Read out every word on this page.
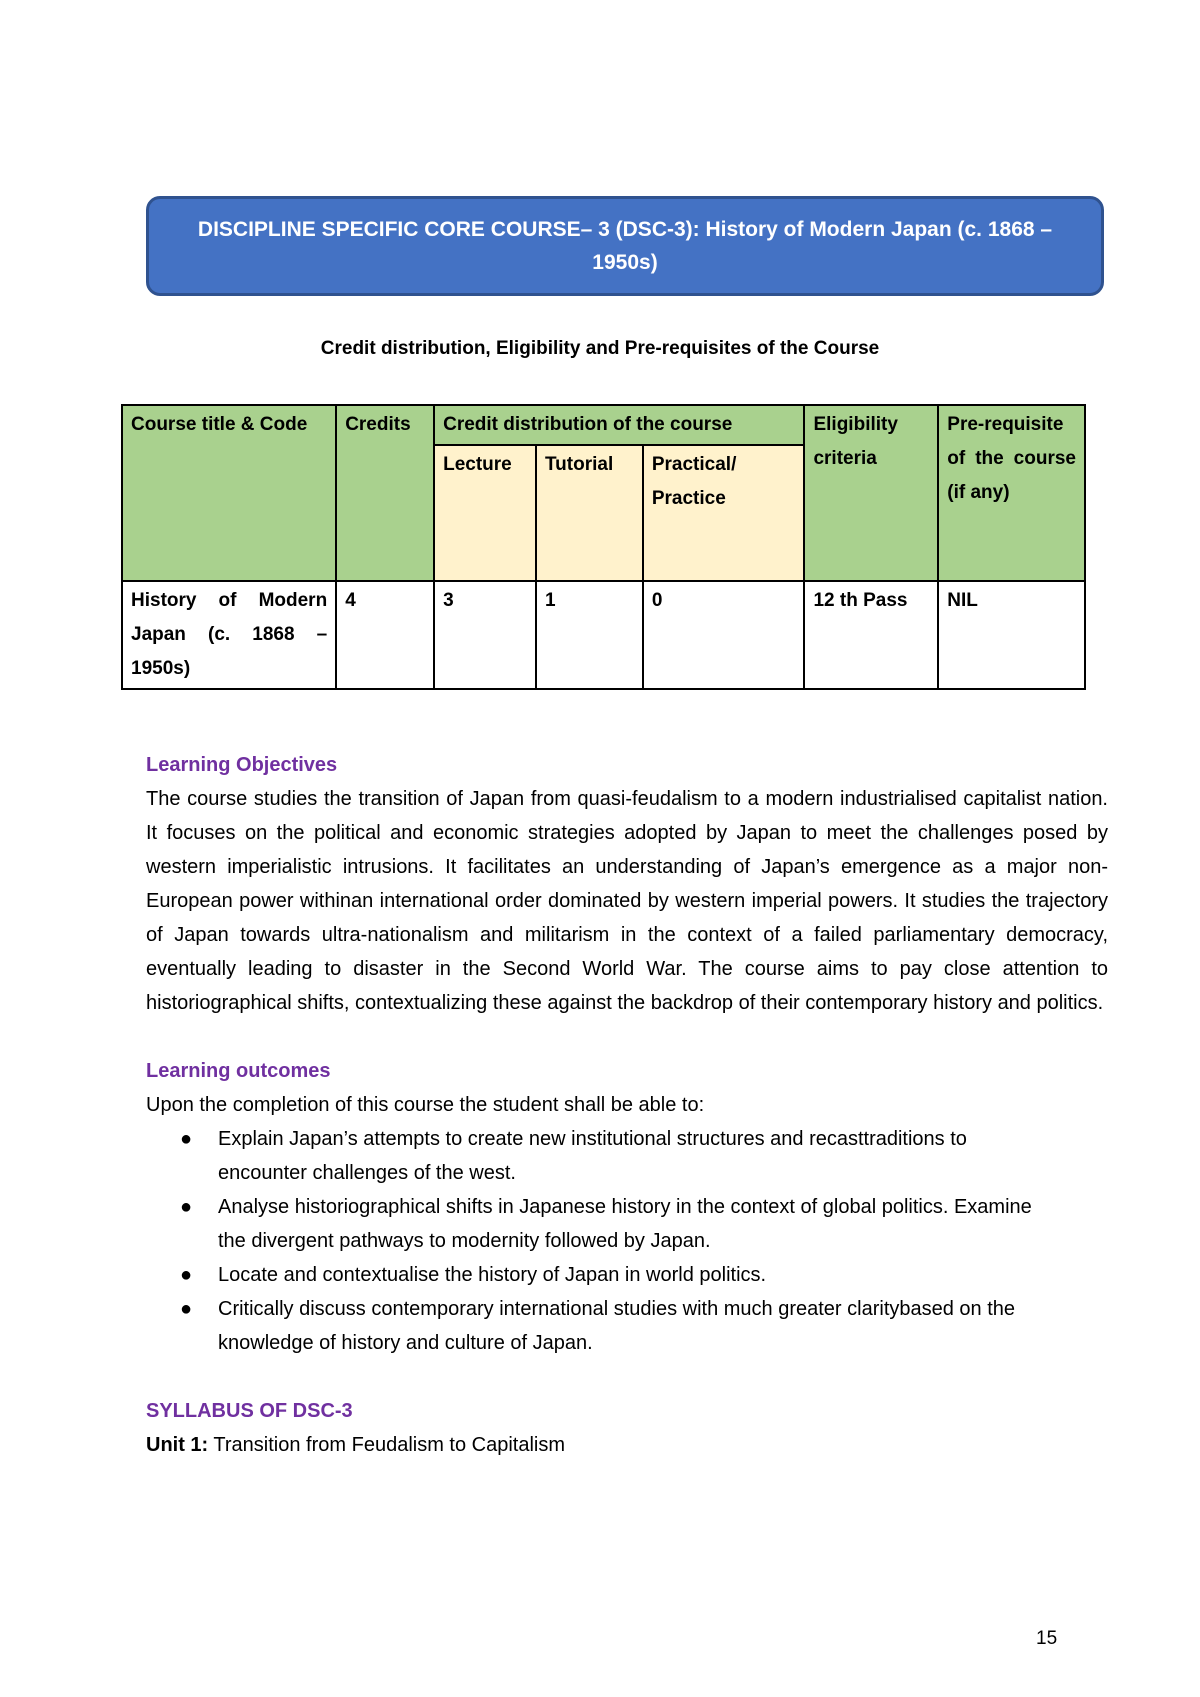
DISCIPLINE SPECIFIC CORE COURSE– 3 (DSC-3): History of Modern Japan (c. 1868 – 1950s)
Credit distribution, Eligibility and Pre-requisites of the Course
Course title & Code	Credits	Credit distribution of the course			Eligibility criteria	Pre-requisite of the course (if any)
		Lecture	Tutorial	Practical/ Practice		
History of Modern Japan (c. 1868 – 1950s)	4	3	1	0	12 th Pass	NIL
Learning Objectives

The course studies the transition of Japan from quasi-feudalism to a modern industrialised capitalist nation. It focuses on the political and economic strategies adopted by Japan to meet the challenges posed by western imperialistic intrusions. It facilitates an understanding of Japan’s emergence as a major non-European power withinan international order dominated by western imperial powers. It studies the trajectory of Japan towards ultra-nationalism and militarism in the context of a failed parliamentary democracy, eventually leading to disaster in the Second World War. The course aims to pay close attention to historiographical shifts, contextualizing these against the backdrop of their contemporary history and politics.

Learning outcomes
Upon the completion of this course the student shall be able to:
● Explain Japan’s attempts to create new institutional structures and recasttraditions to encounter challenges of the west.
● Analyse historiographical shifts in Japanese history in the context of global politics. Examine the divergent pathways to modernity followed by Japan.
● Locate and contextualise the history of Japan in world politics.
● Critically discuss contemporary international studies with much greater claritybased on the knowledge of history and culture of Japan.
SYLLABUS OF DSC-3
Unit 1: Transition from Feudalism to Capitalism
15
